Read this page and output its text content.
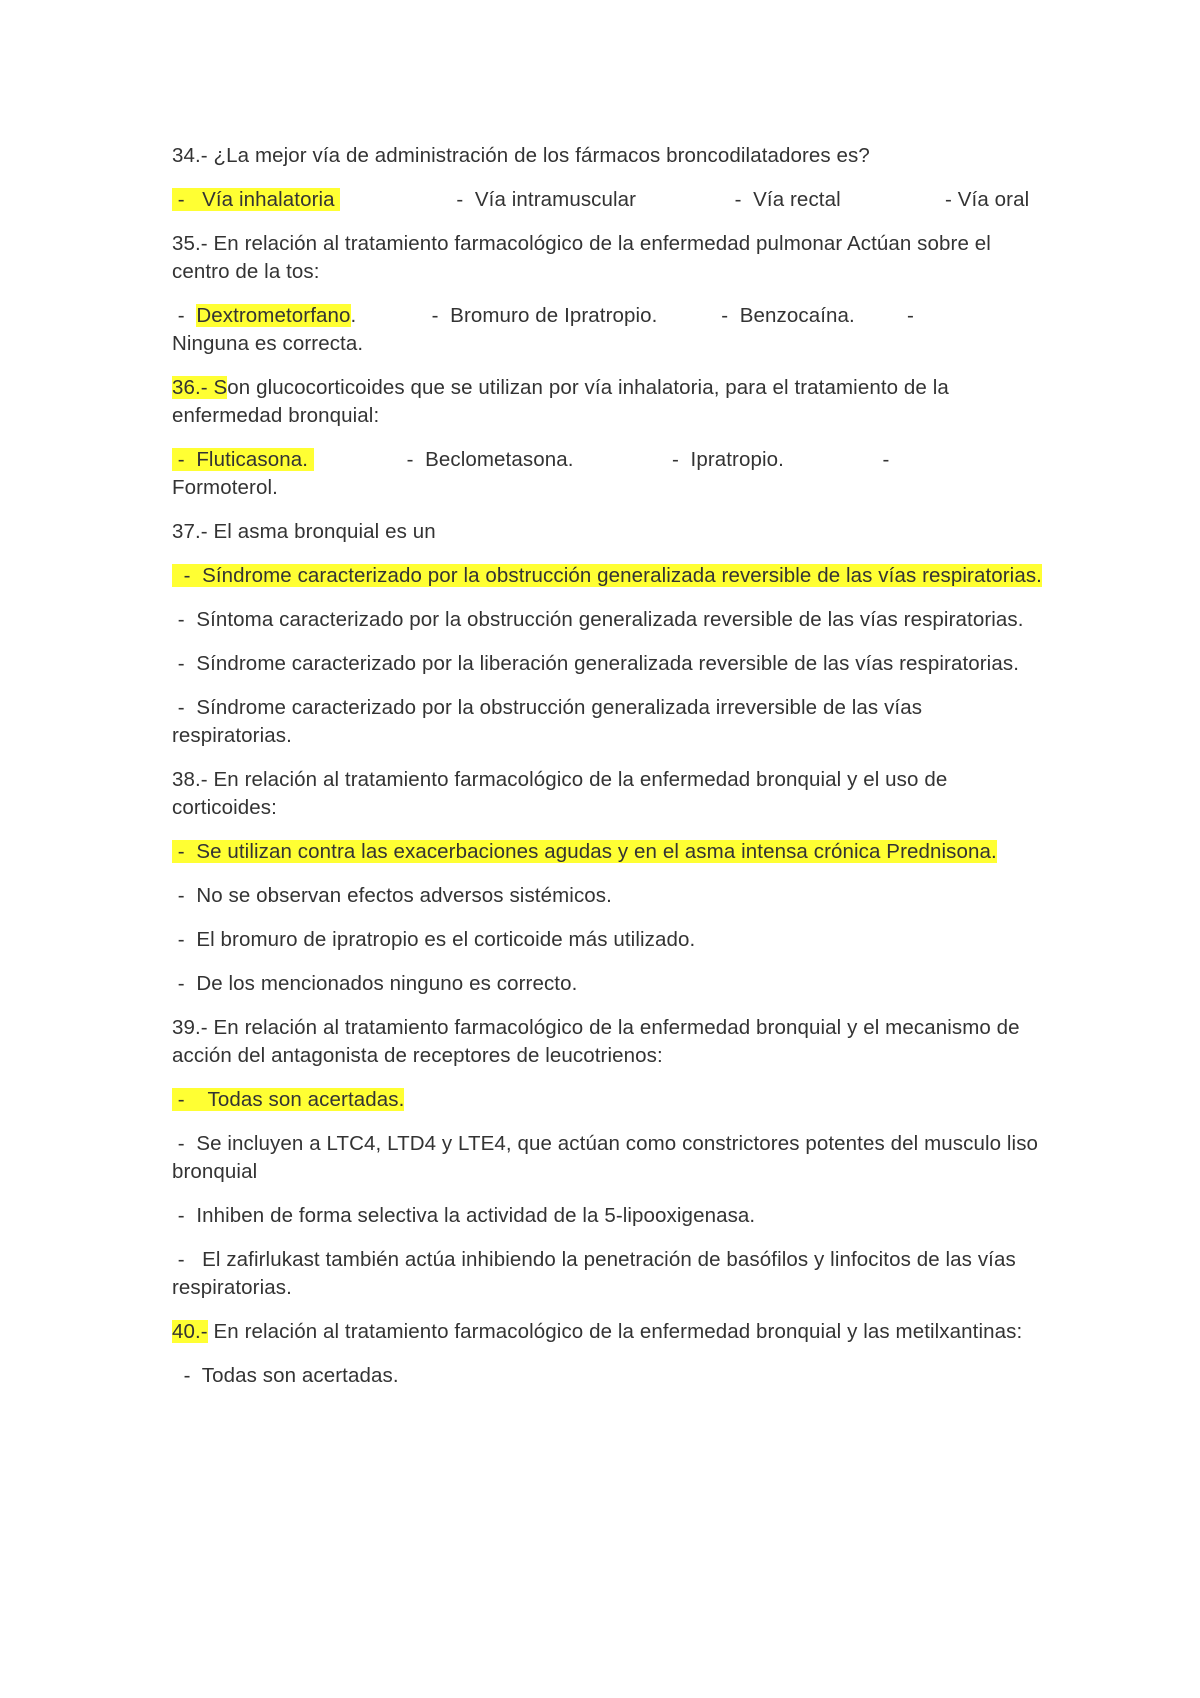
34.- ¿La mejor vía de administración de los fármacos broncodilatadores es?

-   Vía inhalatoria                     -  Vía intramuscular                 -  Vía rectal                  - Vía oral

35.- En relación al tratamiento farmacológico de la enfermedad pulmonar Actúan sobre el centro de la tos:

-  Dextrometorfano.             -  Bromuro de Ipratropio.           -  Benzocaína.         -          Ninguna es correcta.

36.- Son glucocorticoides que se utilizan por vía inhalatoria, para el tratamiento de la enfermedad bronquial:

-  Fluticasona.                 -  Beclometasona.                 -  Ipratropio.                 -          Formoterol.

37.- El asma bronquial es un

-  Síndrome caracterizado por la obstrucción generalizada reversible de las vías respiratorias.

-  Síntoma caracterizado por la obstrucción generalizada reversible de las vías respiratorias.

-  Síndrome caracterizado por la liberación generalizada reversible de las vías respiratorias.

-  Síndrome caracterizado por la obstrucción generalizada irreversible de las vías respiratorias.

38.- En relación al tratamiento farmacológico de la enfermedad bronquial y el uso de corticoides:

-  Se utilizan contra las exacerbaciones agudas y en el asma intensa crónica Prednisona.

-  No se observan efectos adversos sistémicos.

-  El bromuro de ipratropio es el corticoide más utilizado.

-  De los mencionados ninguno es correcto.

39.- En relación al tratamiento farmacológico de la enfermedad bronquial y el mecanismo de acción del antagonista de receptores de leucotrienos:

-    Todas son acertadas.

-  Se incluyen a LTC4, LTD4 y LTE4, que actúan como constrictores potentes del musculo liso bronquial

-  Inhiben de forma selectiva la actividad de la 5-lipooxigenasa.

-   El zafirlukast también actúa inhibiendo la penetración de basófilos y linfocitos de las vías respiratorias.

40.- En relación al tratamiento farmacológico de la enfermedad bronquial y las metilxantinas:

-  Todas son acertadas.
